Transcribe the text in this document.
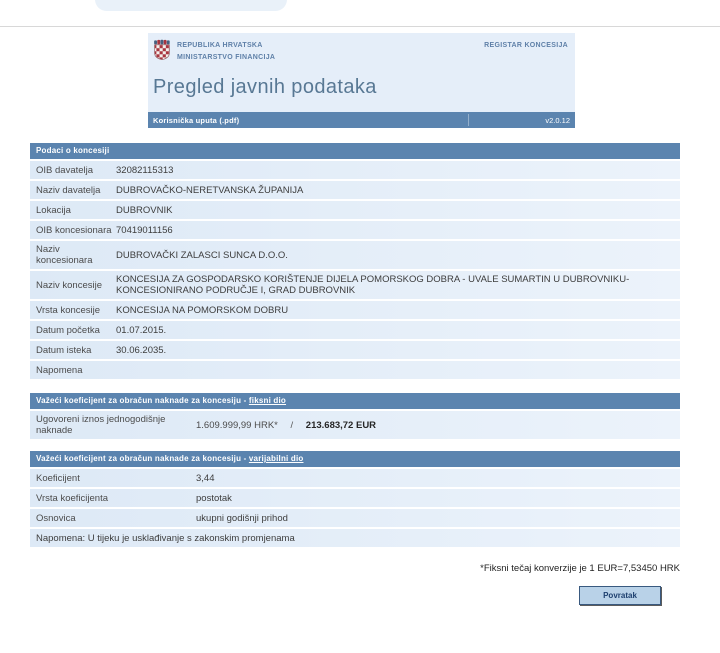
REPUBLIKA HRVATSKA
MINISTARSTVO FINANCIJA
REGISTAR KONCESIJA
Pregled javnih podataka
Korisnička uputa (.pdf)	v2.0.12
Podaci o koncesiji
OIB davatelja	32082115313
Naziv davatelja	DUBROVAČKO-NERETVANSKA ŽUPANIJA
Lokacija	DUBROVNIK
OIB koncesionara 70419011156
Naziv koncesionara	DUBROVAČKI ZALASCI SUNCA D.O.O.
Naziv koncesije	KONCESIJA ZA GOSPODARSKO KORIŠTENJE DIJELA POMORSKOG DOBRA - UVALE SUMARTIN U DUBROVNIKU-KONCESIONIRANO PODRUČJE I, GRAD DUBROVNIK
Vrsta koncesije	KONCESIJA NA POMORSKOM DOBRU
Datum početka	01.07.2015.
Datum isteka	30.06.2035.
Napomena
Važeći koeficijent za obračun naknade za koncesiju - fiksni dio
Ugovoreni iznos jednogodišnje naknade	1.609.999,99 HRK* / 213.683,72 EUR
Važeći koeficijent za obračun naknade za koncesiju - varijabilni dio
Koeficijent	3,44
Vrsta koeficijenta	postotak
Osnovica	ukupni godišnji prihod
Napomena: U tijeku je usklađivanje s zakonskim promjenama
*Fiksni tečaj konverzije je 1 EUR=7,53450 HRK
Povratak
